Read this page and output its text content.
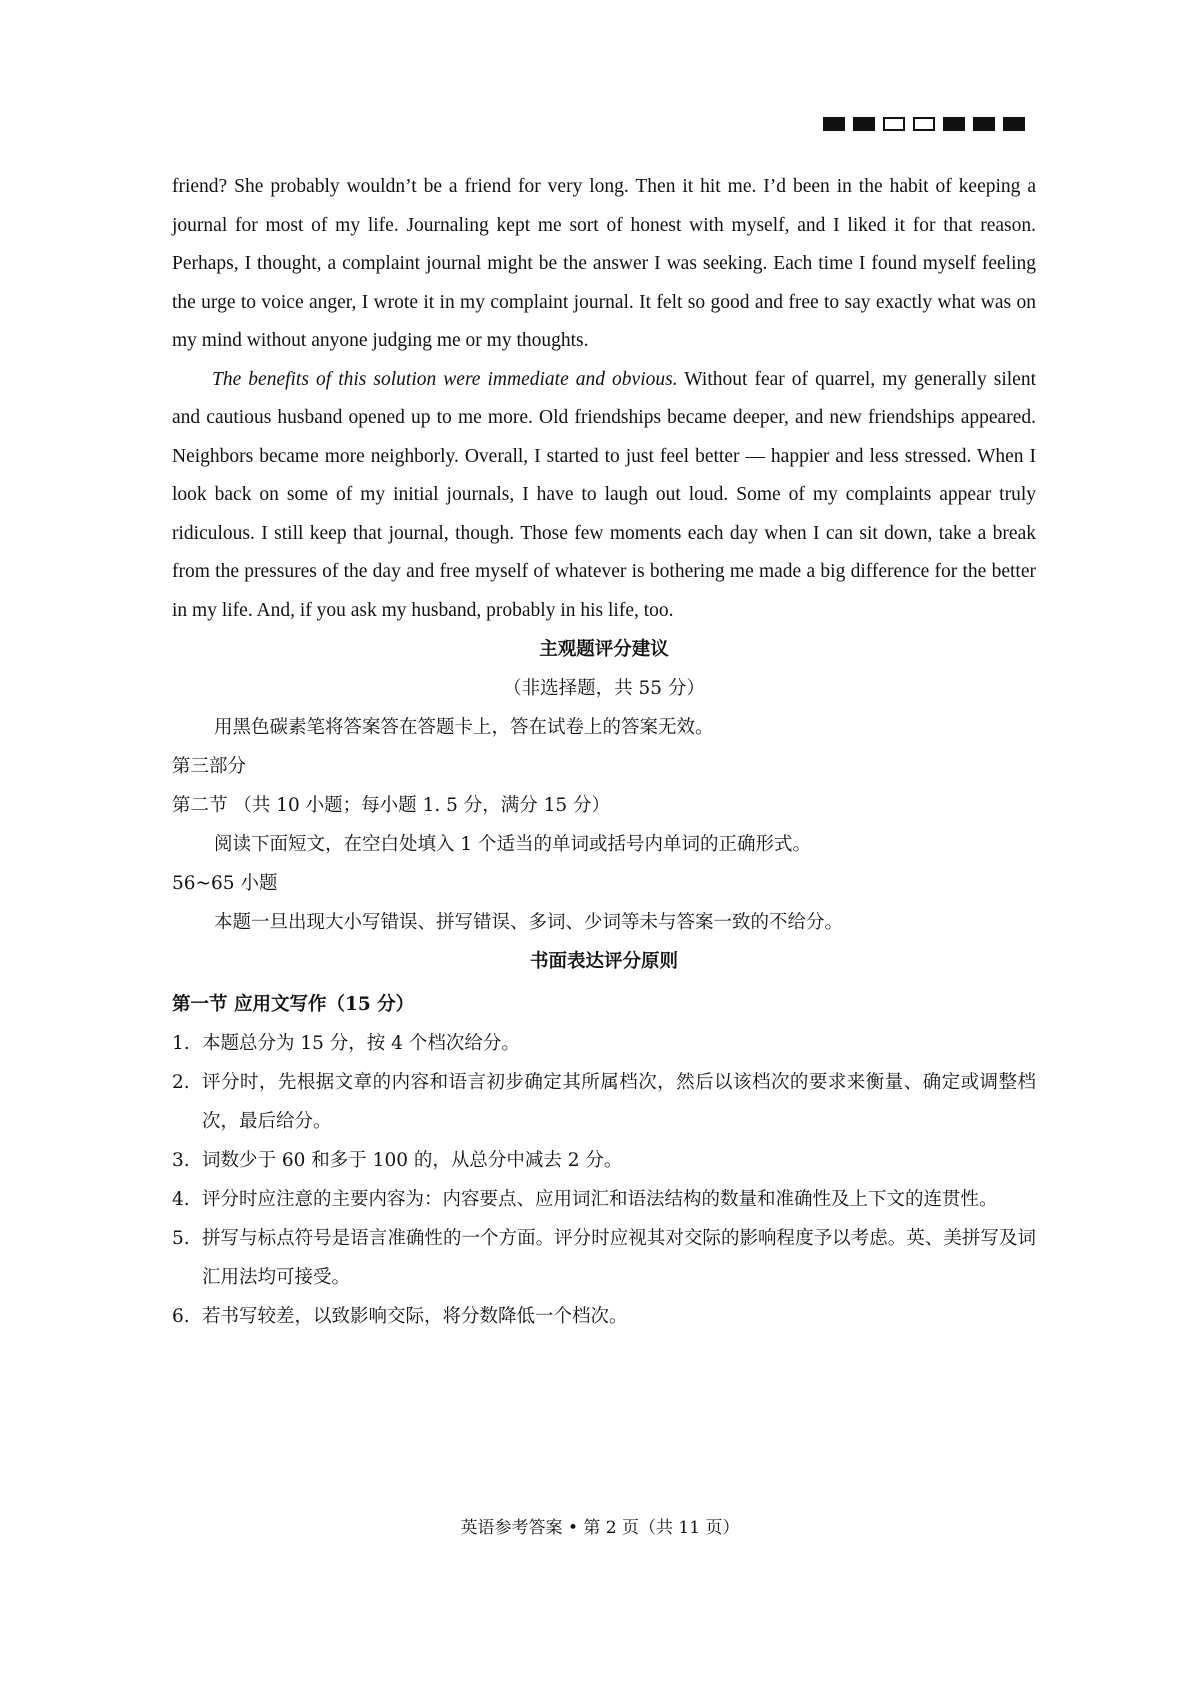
friend? She probably wouldn’t be a friend for very long. Then it hit me. I’d been in the habit of keeping a journal for most of my life. Journaling kept me sort of honest with myself, and I liked it for that reason. Perhaps, I thought, a complaint journal might be the answer I was seeking. Each time I found myself feeling the urge to voice anger, I wrote it in my complaint journal. It felt so good and free to say exactly what was on my mind without anyone judging me or my thoughts.

The benefits of this solution were immediate and obvious. Without fear of quarrel, my generally silent and cautious husband opened up to me more. Old friendships became deeper, and new friendships appeared. Neighbors became more neighborly. Overall, I started to just feel better — happier and less stressed. When I look back on some of my initial journals, I have to laugh out loud. Some of my complaints appear truly ridiculous. I still keep that journal, though. Those few moments each day when I can sit down, take a break from the pressures of the day and free myself of whatever is bothering me made a big difference for the better in my life. And, if you ask my husband, probably in his life, too.

主观题评分建议

（非选择题，共 55 分）

用黑色碳素笔将答案答在答题卡上，答在试卷上的答案无效。

第三部分

第二节 （共 10 小题；每小题 1. 5 分，满分 15 分）

阅读下面短文，在空白处填入 1 个适当的单词或括号内单词的正确形式。

56~65 小题

本题一旦出现大小写错误、拼写错误、多词、少词等未与答案一致的不给分。

书面表达评分原则

第一节 应用文写作（15 分）

1. 本题总分为 15 分，按 4 个档次给分。
2. 评分时，先根据文章的内容和语言初步确定其所属档次，然后以该档次的要求来衡量、确定或调整档次，最后给分。
3. 词数少于 60 和多于 100 的，从总分中减去 2 分。
4. 评分时应注意的主要内容为：内容要点、应用词汇和语法结构的数量和准确性及上下文的连贯性。
5. 拼写与标点符号是语言准确性的一个方面。评分时应视其对交际的影响程度予以考虑。英、美拼写及词汇用法均可接受。
6. 若书写较差，以致影响交际，将分数降低一个档次。
英语参考答案 • 第 2 页（共 11 页）
